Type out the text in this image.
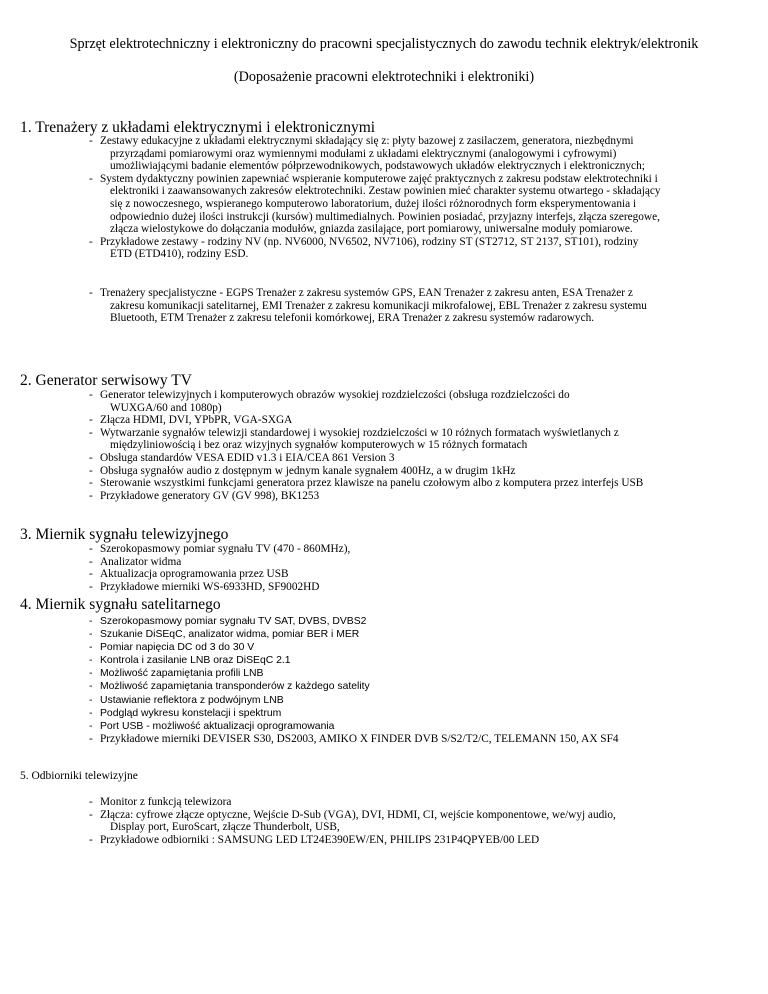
Sprzęt elektrotechniczny i elektroniczny do pracowni specjalistycznych do zawodu technik elektryk/elektronik
(Doposażenie pracowni elektrotechniki i elektroniki)
1. Trenażery z układami elektrycznymi i elektronicznymi
- Zestawy edukacyjne z układami elektrycznymi składający się z: płyty bazowej z zasilaczem, generatora, niezbędnymi
przyrządami pomiarowymi oraz wymiennymi modułami z układami elektrycznymi (analogowymi i cyfrowymi)
umożliwiającymi badanie elementów półprzewodnikowych, podstawowych układów elektrycznych i elektronicznych;
- System dydaktyczny powinien zapewniać wspieranie komputerowe zajęć praktycznych z zakresu podstaw elektrotechniki i
elektroniki i zaawansowanych zakresów elektrotechniki. Zestaw powinien mieć charakter systemu otwartego - składający
się z nowoczesnego, wspieranego komputerowo laboratorium, dużej ilości różnorodnych form eksperymentowania i
odpowiednio dużej ilości instrukcji (kursów) multimedialnych. Powinien posiadać, przyjazny interfejs, złącza szeregowe,
złącza wielostykowe do dołączania modułów, gniazda zasilające, port pomiarowy, uniwersalne moduły pomiarowe.
- Przykładowe zestawy - rodziny NV (np. NV6000, NV6502, NV7106), rodziny ST (ST2712, ST 2137, ST101), rodziny
ETD (ETD410), rodziny ESD.
- Trenażery specjalistyczne - EGPS Trenażer z zakresu systemów GPS, EAN Trenażer z zakresu anten, ESA Trenażer z
zakresu komunikacji satelitarnej, EMI Trenażer z zakresu komunikacji mikrofalowej, EBL Trenażer z zakresu systemu
Bluetooth, ETM Trenażer z zakresu telefonii komórkowej, ERA Trenażer z zakresu systemów radarowych.
2. Generator serwisowy TV
- Generator telewizyjnych i komputerowych obrazów wysokiej rozdzielczości (obsługa rozdzielczości do
WUXGA/60 and 1080p)
- Złącza HDMI, DVI, YPbPR, VGA-SXGA
- Wytwarzanie sygnałów telewizji standardowej i wysokiej rozdzielczości w 10 różnych formatach wyświetlanych z
międzyliniowością i bez oraz wizyjnych sygnałów komputerowych w 15 różnych formatach
- Obsługa standardów VESA EDID v1.3 i EIA/CEA 861 Version 3
- Obsługa sygnałów audio z dostępnym w jednym kanale sygnałem 400Hz, a w drugim 1kHz
- Sterowanie wszystkimi funkcjami generatora przez klawisze na panelu czołowym albo z komputera przez interfejs USB
- Przykładowe generatory GV (GV 998), BK1253
3. Miernik sygnału telewizyjnego
- Szerokopasmowy pomiar sygnału TV (470 - 860MHz),
- Analizator widma
- Aktualizacja oprogramowania przez USB
- Przykładowe mierniki WS-6933HD, SF9002HD
4. Miernik sygnału satelitarnego
- Szerokopasmowy pomiar sygnału TV SAT, DVBS, DVBS2
- Szukanie DiSEqC, analizator widma, pomiar BER i MER
- Pomiar napięcia DC od 3 do 30 V
- Kontrola i zasilanie LNB oraz DiSEqC 2.1
- Możliwość zapamiętania profili LNB
- Możliwość zapamiętania transponderów z każdego satelity
- Ustawianie reflektora z podwójnym LNB
- Podgląd wykresu konstelacji i spektrum
- Port USB - możliwość aktualizacji oprogramowania
- Przykładowe mierniki DEVISER S30, DS2003, AMIKO X FINDER DVB S/S2/T2/C, TELEMANN 150, AX SF4
5. Odbiorniki telewizyjne
- Monitor z funkcją telewizora
- Złącza: cyfrowe złącze optyczne, Wejście D-Sub (VGA), DVI, HDMI, CI, wejście komponentowe, we/wyj audio,
Display port, EuroScart, złącze Thunderbolt, USB,
- Przykładowe odbiorniki : SAMSUNG LED LT24E390EW/EN, PHILIPS 231P4QPYEB/00 LED
